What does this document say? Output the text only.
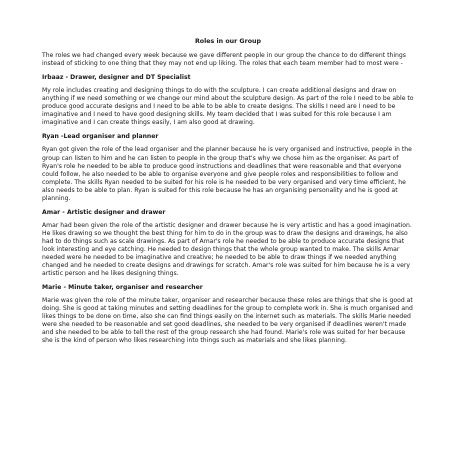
Roles in our Group

The roles we had changed every week because we gave different people in our group the chance to do different things instead of sticking to one thing that they may not end up liking. The roles that each team member had to most were -

Irbaaz - Drawer, designer and DT Specialist

My role includes creating and designing things to do with the sculpture. I can create additional designs and draw on anything if we need something or we change our mind about the sculpture design. As part of the role I need to be able to produce good accurate designs and I need to be able to be able to create designs. The skills I need are I need to be imaginative and I need to have good designing skills. My team decided that I was suited for this role because I am imaginative and I can create things easily, I am also good at drawing.

Ryan -Lead organiser and planner

Ryan got given the role of the lead organiser and the planner because he is very organised and instructive, people in the group can listen to him and he can listen to people in the group that's why we chose him as the organiser. As part of Ryan's role he needed to be able to produce good instructions and deadlines that were reasonable and that everyone could follow, he also needed to be able to organise everyone and give people roles and responsibilities to follow and complete. The skills Ryan needed to be suited for his role is he needed to be very organised and very time efficient, he also needs to be able to plan. Ryan is suited for this role because he has an organising personality and he is good at planning.

Amar - Artistic designer and drawer

Amar had been given the role of the artistic designer and drawer because he is very artistic and has a good imagination. He likes drawing so we thought the best thing for him to do in the group was to draw the designs and drawings, he also had to do things such as scale drawings. As part of Amar's role he needed to be able to produce accurate designs that look interesting and eye catching. He needed to design things that the whole group wanted to make. The skills Amar needed were he needed to be imaginative and creative; he needed to be able to draw things if we needed anything changed and he needed to create designs and drawings for scratch. Amar's role was suited for him because he is a very artistic person and he likes designing things.

Marie - Minute taker, organiser and researcher

Marie was given the role of the minute taker, organiser and researcher because these roles are things that she is good at doing. She is good at taking minutes and setting deadlines for the group to complete work in. She is much organised and likes things to be done on time, also she can find things easily on the internet such as materials. The skills Marie needed were she needed to be reasonable and set good deadlines, she needed to be very organised if deadlines weren't made and she needed to be able to tell the rest of the group research she had found. Marie's role was suited for her because she is the kind of person who likes researching into things such as materials and she likes planning.
